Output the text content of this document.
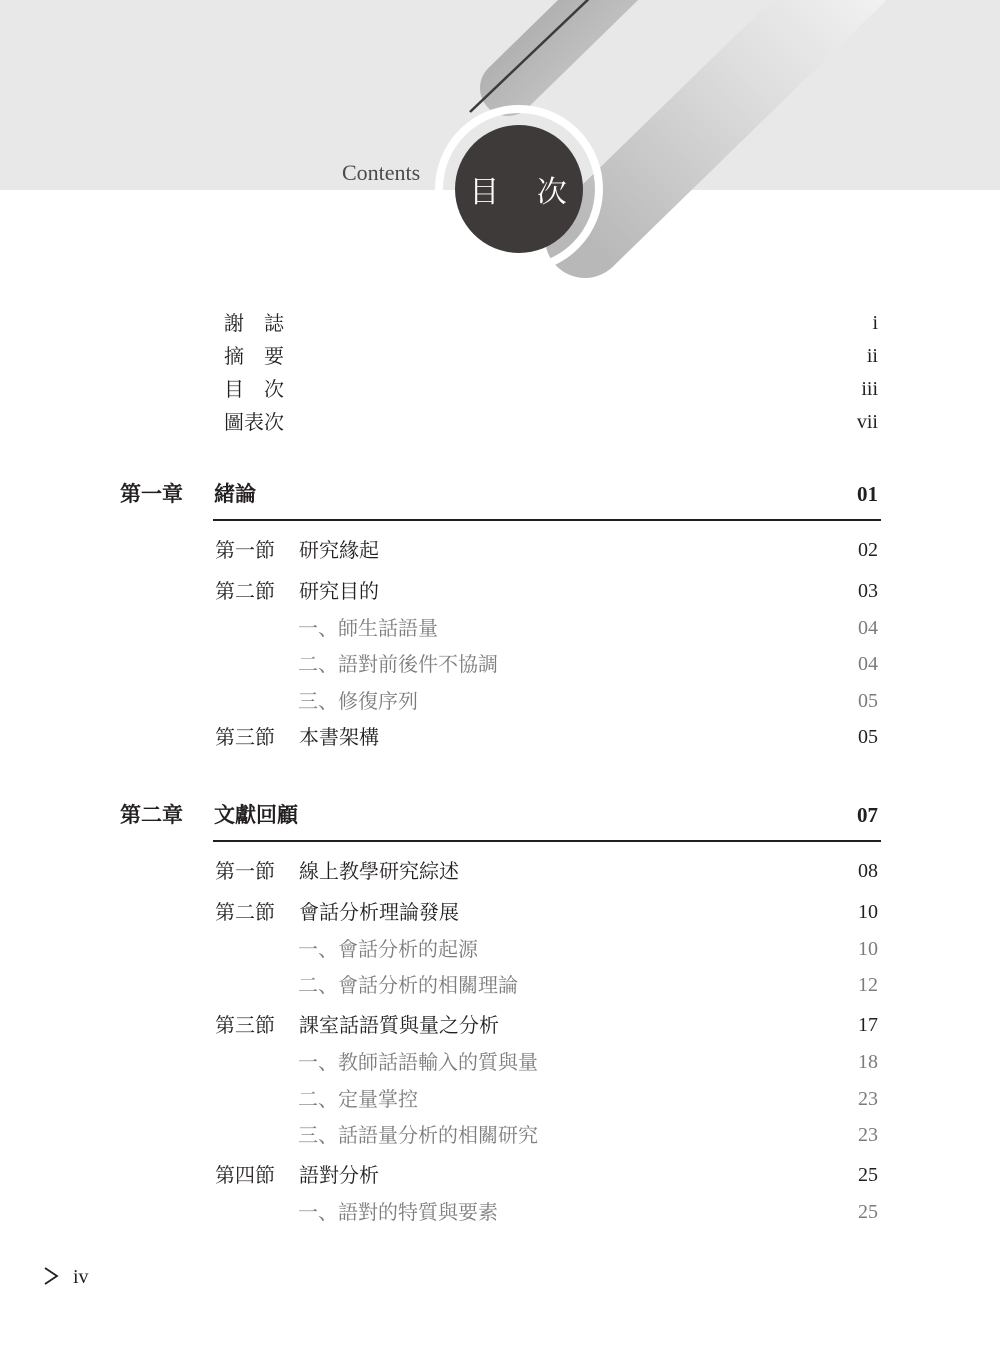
Contents
目 次
謝　誌	i
摘　要	ii
目　次	iii
圖表次	vii
第一章 緒論	01
第一節 研究緣起	02
第二節 研究目的	03
一、師生話語量	04
二、語對前後件不協調	04
三、修復序列	05
第三節 本書架構	05
第二章 文獻回顧	07
第一節 線上教學研究綜述	08
第二節 會話分析理論發展	10
一、會話分析的起源	10
二、會話分析的相關理論	12
第三節 課室話語質與量之分析	17
一、教師話語輸入的質與量	18
二、定量掌控	23
三、話語量分析的相關研究	23
第四節 語對分析	25
一、語對的特質與要素	25
iv
